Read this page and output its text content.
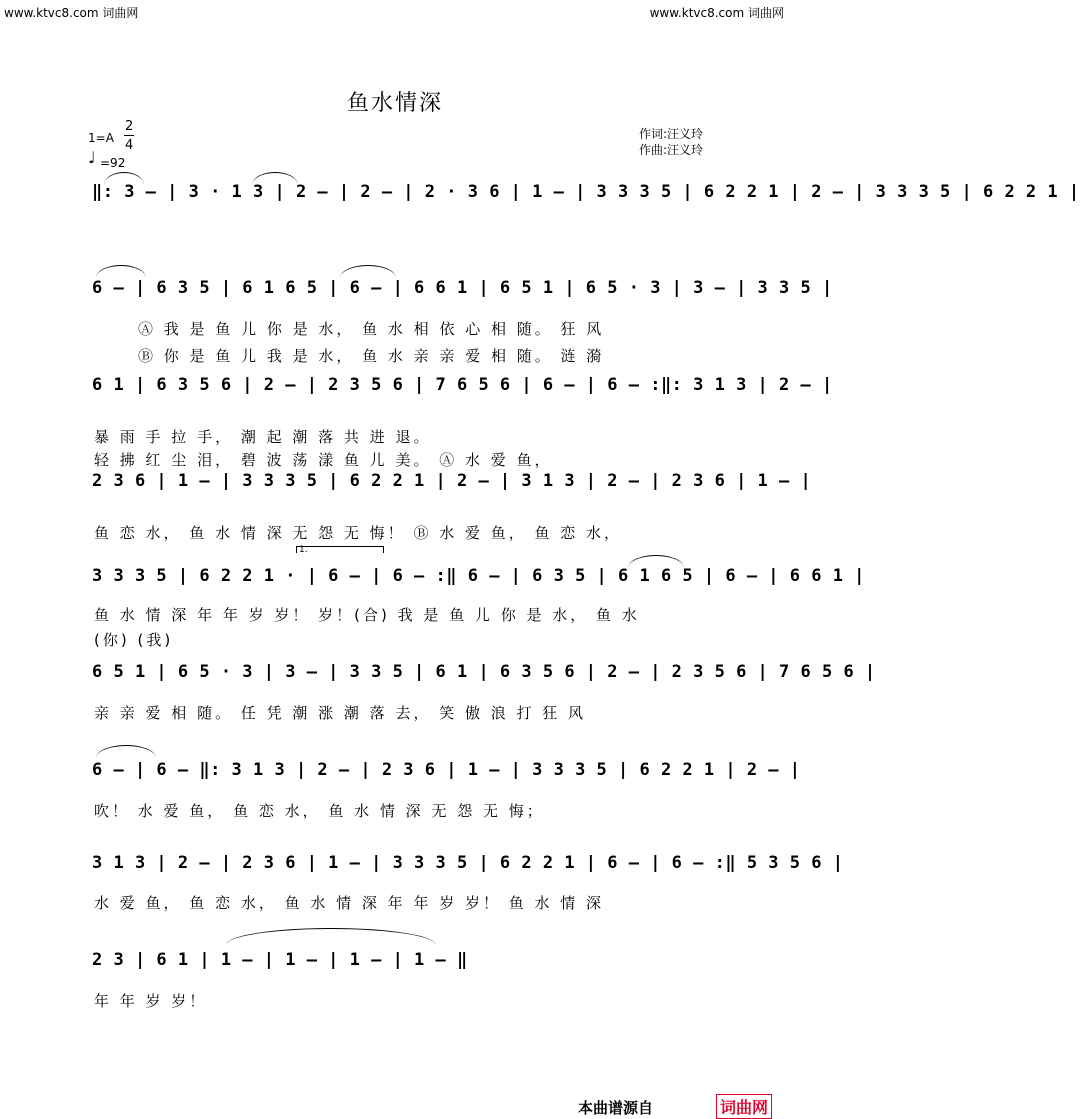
www.ktvc8.com 词曲网	www.ktvc8.com 词曲网
鱼水情深
1=A
2
4
♩ =92
作词:汪义玲
作曲:汪义玲
‖: 3 – | 3 · 1 3 | 2 – | 2 – | 2 · 3 6 | 1 – | 3 3 3 5 | 6 2 2 1 | 2 – | 3 3 3 5 | 6 2 2 1 |
6 – | 6 3 5 | 6 1 6 5 | 6 – | 6 6 1 | 6 5 1 | 6 5 · 3 | 3 – | 3 3 5 |
Ⓐ 我 是 鱼 儿 你 是 水， 鱼 水 相 依 心 相 随。 狂 风
Ⓑ 你 是 鱼 儿 我 是 水， 鱼 水 亲 亲 爱 相 随。 涟 漪
6 1 | 6 3 5 6 | 2 – | 2 3 5 6 | 7 6 5 6 | 6 – | 6 – :‖: 3 1 3 | 2 – |
暴 雨 手 拉 手， 潮 起 潮 落 共 进 退。
轻 拂 红 尘 泪， 碧 波 荡 漾 鱼 儿 美。 Ⓐ 水 爱 鱼，
2 3 6 | 1 – | 3 3 3 5 | 6 2 2 1 | 2 – | 3 1 3 | 2 – | 2 3 6 | 1 – |
鱼 恋 水， 鱼 水 情 深 无 怨 无 悔！ Ⓑ 水 爱 鱼， 鱼 恋 水，
3 3 3 5 | 6 2 2 1 · | 6 – | 6 – :‖ 6 – | 6 3 5 | 6 1 6 5 | 6 – | 6 6 1 |
1.
鱼 水 情 深 年 年 岁 岁！ 岁！(合) 我 是 鱼 儿 你 是 水， 鱼 水
(你) (我)
6 5 1 | 6 5 · 3 | 3 – | 3 3 5 | 6 1 | 6 3 5 6 | 2 – | 2 3 5 6 | 7 6 5 6 |
亲 亲 爱 相 随。 任 凭 潮 涨 潮 落 去， 笑 傲 浪 打 狂 风
6 – | 6 – ‖: 3 1 3 | 2 – | 2 3 6 | 1 – | 3 3 3 5 | 6 2 2 1 | 2 – |
吹！ 水 爱 鱼， 鱼 恋 水， 鱼 水 情 深 无 怨 无 悔；
3 1 3 | 2 – | 2 3 6 | 1 – | 3 3 3 5 | 6 2 2 1 | 6 – | 6 – :‖ 5 3 5 6 |
水 爱 鱼， 鱼 恋 水， 鱼 水 情 深 年 年 岁 岁！ 鱼 水 情 深
2 3 | 6 1 | 1 – | 1 – | 1 – | 1 – ‖
年 年 岁 岁！
本曲谱源自	词曲网
